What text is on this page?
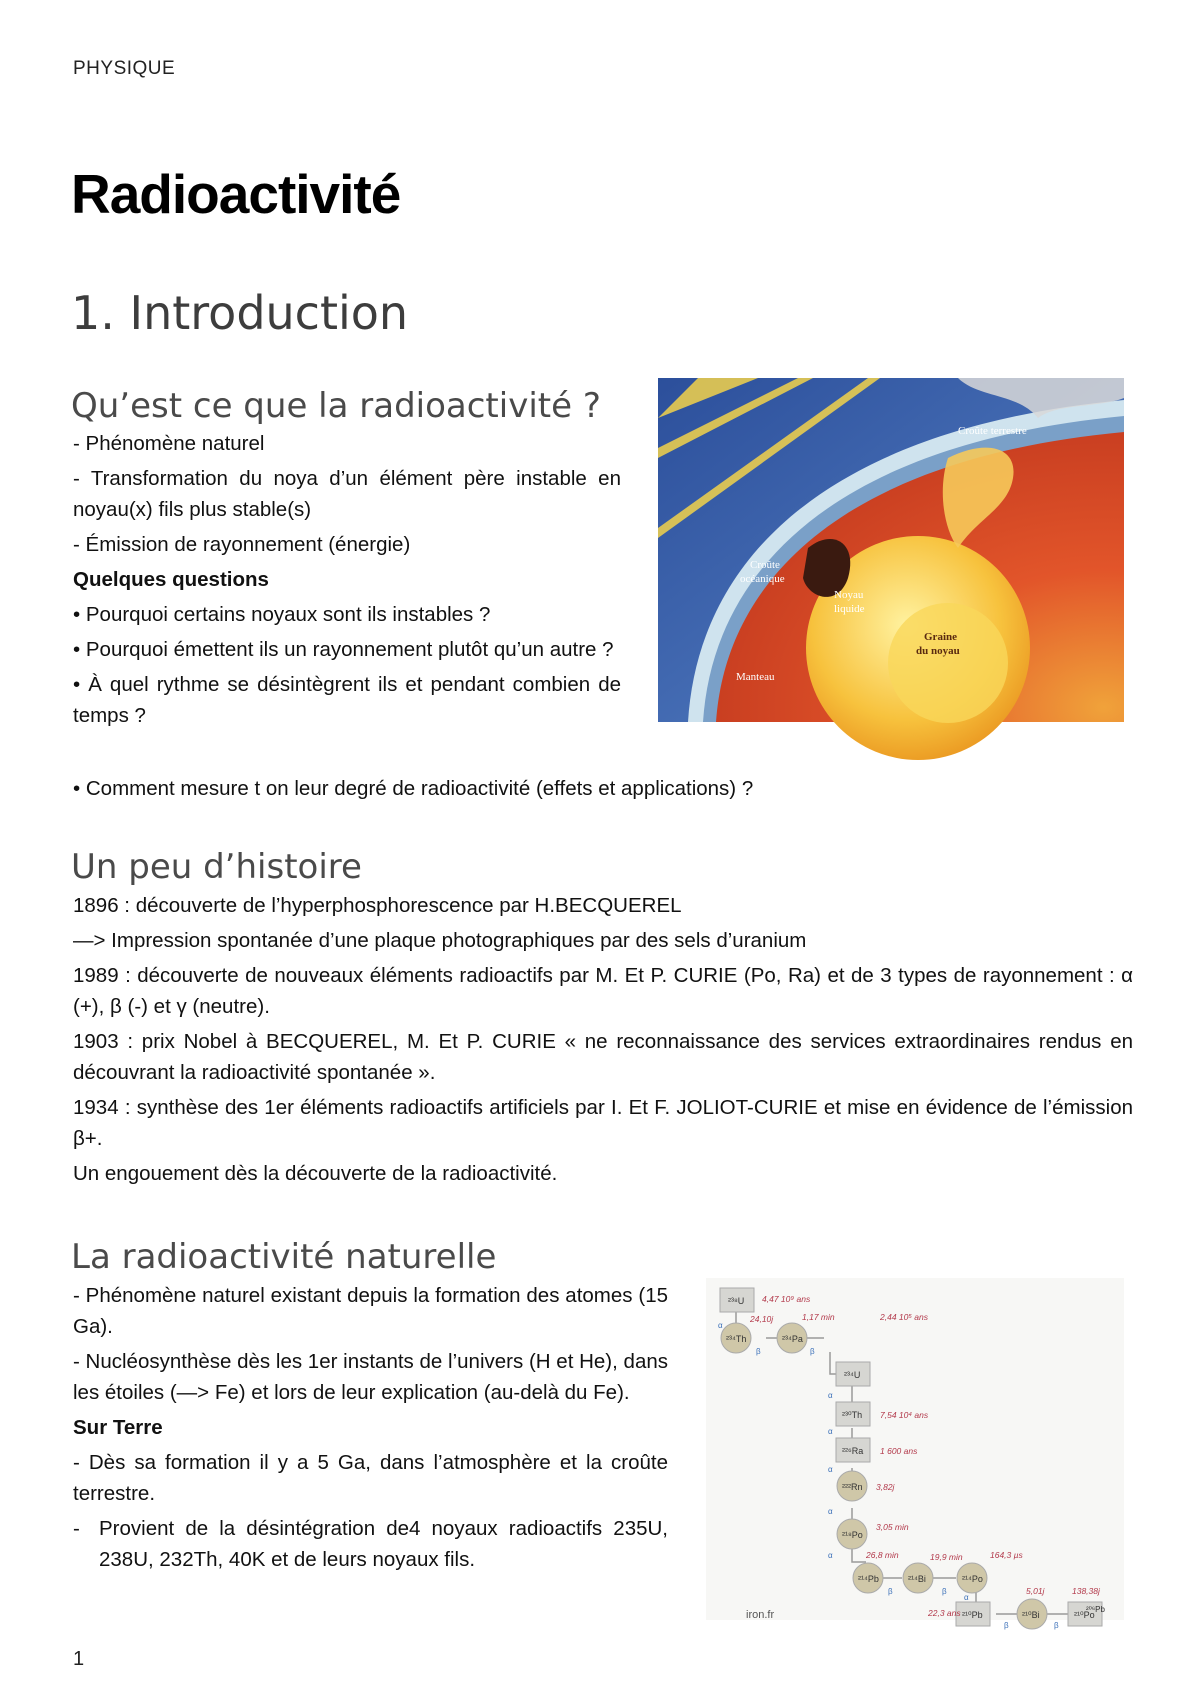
PHYSIQUE
Radioactivité
1. Introduction
Qu’est ce que la radioactivité ?
- Phénomène naturel
- Transformation du noya d’un élément père instable en noyau(x) fils plus stable(s)
- Émission de rayonnement (énergie)
Quelques questions
• Pourquoi certains noyaux sont ils instables ?
• Pourquoi émettent ils un rayonnement plutôt qu’un autre ?
• À quel rythme se désintègrent ils et pendant combien de temps ?
• Comment mesure t on leur degré de radioactivité (effets et applications) ?
Croûte terrestre
Croûte
océanique
Noyau
liquide
Graine
du noyau
Manteau
Un peu d’histoire
1896 : découverte de l’hyperphosphorescence par H.BECQUEREL
—> Impression spontanée d’une plaque photographiques par des sels d’uranium
1989 : découverte de nouveaux éléments radioactifs par M. Et P. CURIE (Po, Ra) et de 3 types de rayonnement : α (+), β (-) et γ (neutre).
1903 : prix Nobel à BECQUEREL, M. Et P. CURIE « ne reconnaissance des services extraordinaires rendus en découvrant la radioactivité spontanée ».
1934 : synthèse des 1er éléments radioactifs artificiels par I. Et F. JOLIOT-CURIE et mise en évidence de l’émission β+.
Un engouement dès la découverte de la radioactivité.
La radioactivité naturelle
- Phénomène naturel existant depuis la formation des atomes (15 Ga).
- Nucléosynthèse dès les 1er instants de l’univers (H et He), dans les étoiles (—> Fe) et lors de leur explication (au-delà du Fe).
Sur Terre
- Dès sa formation il y a 5 Ga, dans l’atmosphère et la croûte terrestre.
- Provient de la désintégration de4 noyaux radioactifs 235U, 238U, 232Th, 40K et de leurs noyaux fils.
²³⁸U
²³⁴Th	²³⁴Pa
²³⁴U
²³⁰Th
²²⁶Ra
²²²Rn
²¹⁸Po
²¹⁴Pb	²¹⁴Bi	²¹⁴Po
²¹⁰Pb	²¹⁰Bi	²¹⁰Po
4,47 10⁹ ans
24,10j	1,17 min	2,44 10⁵ ans
7,54 10⁴ ans
1 600 ans
3,82j
3,05 min
26,8 min	19,9 min	164,3 µs
22,3 ans
5,01j	138,38j
α
β	β
α
α
α
α
α
β	β
α
β	β
²⁰⁶Pb
iron.fr
1
